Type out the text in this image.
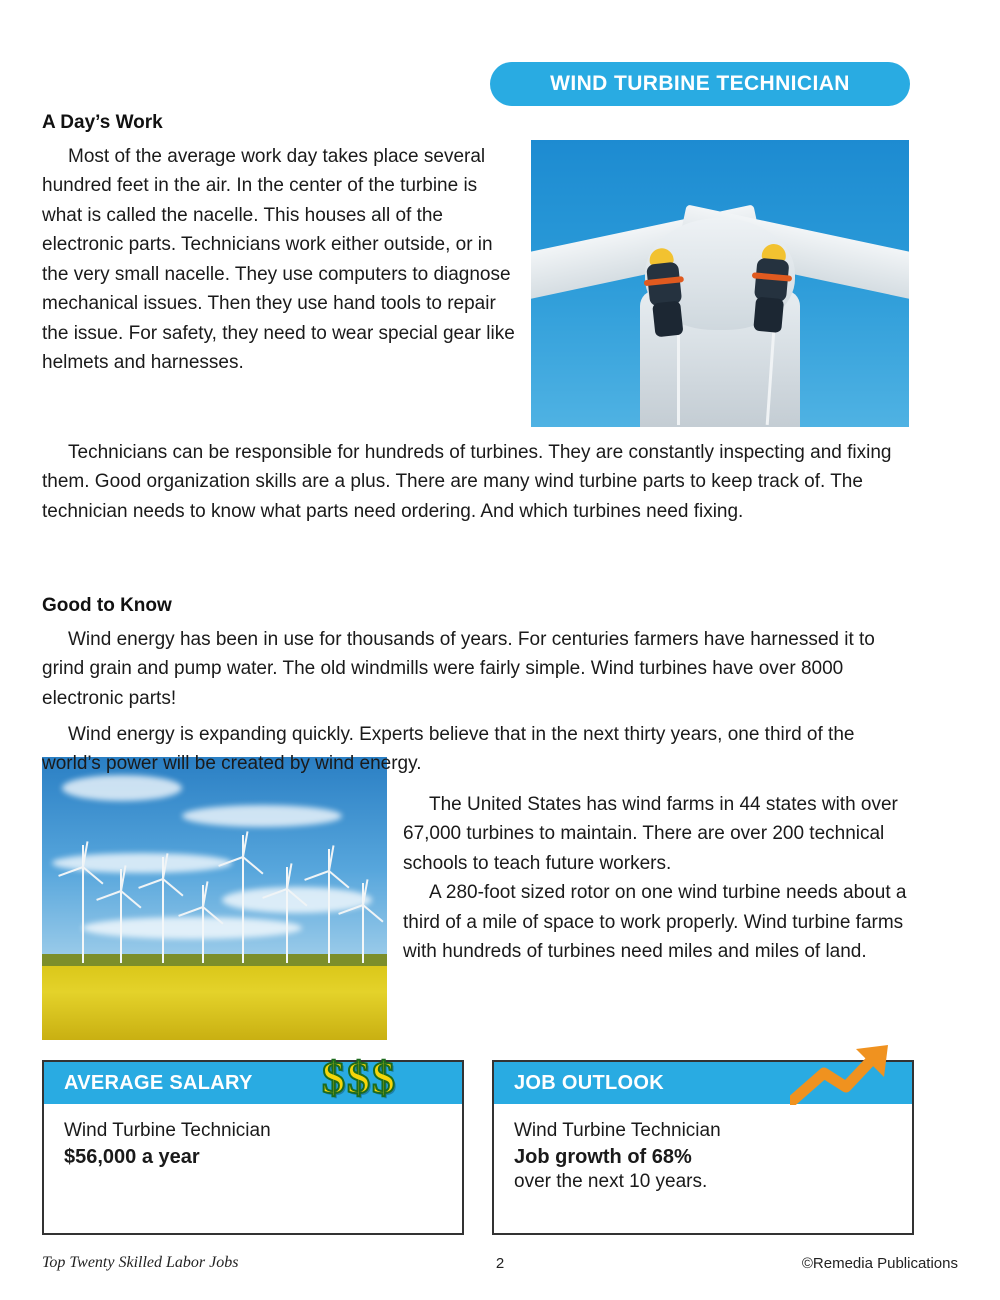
WIND TURBINE TECHNICIAN
A Day’s Work

Most of the average work day takes place several hundred feet in the air. In the center of the turbine is what is called the nacelle. This houses all of the electronic parts. Technicians work either outside, or in the very small nacelle. They use computers to diagnose mechanical issues. Then they use hand tools to repair the issue. For safety, they need to wear special gear like helmets and harnesses.

Technicians can be responsible for hundreds of turbines. They are constantly inspecting and fixing them. Good organization skills are a plus. There are many wind turbine parts to keep track of. The technician needs to know what parts need ordering. And which turbines need fixing.

Good to Know

Wind energy has been in use for thousands of years. For centuries farmers have harnessed it to grind grain and pump water. The old windmills were fairly simple. Wind turbines have over 8000 electronic parts!

Wind energy is expanding quickly. Experts believe that in the next thirty years, one third of the world’s power will be created by wind energy.

The United States has wind farms in 44 states with over 67,000 turbines to maintain. There are over 200 technical schools to teach future workers.

A 280-foot sized rotor on one wind turbine needs about a third of a mile of space to work properly. Wind turbine farms with hundreds of turbines need miles and miles of land.

AVERAGE SALARY
Wind Turbine Technician
$56,000 a year
$ $ $	JOB OUTLOOK
Wind Turbine Technician
Job growth of 68%
over the next 10 years.
Top Twenty Skilled Labor Jobs	2	©Remedia Publications
